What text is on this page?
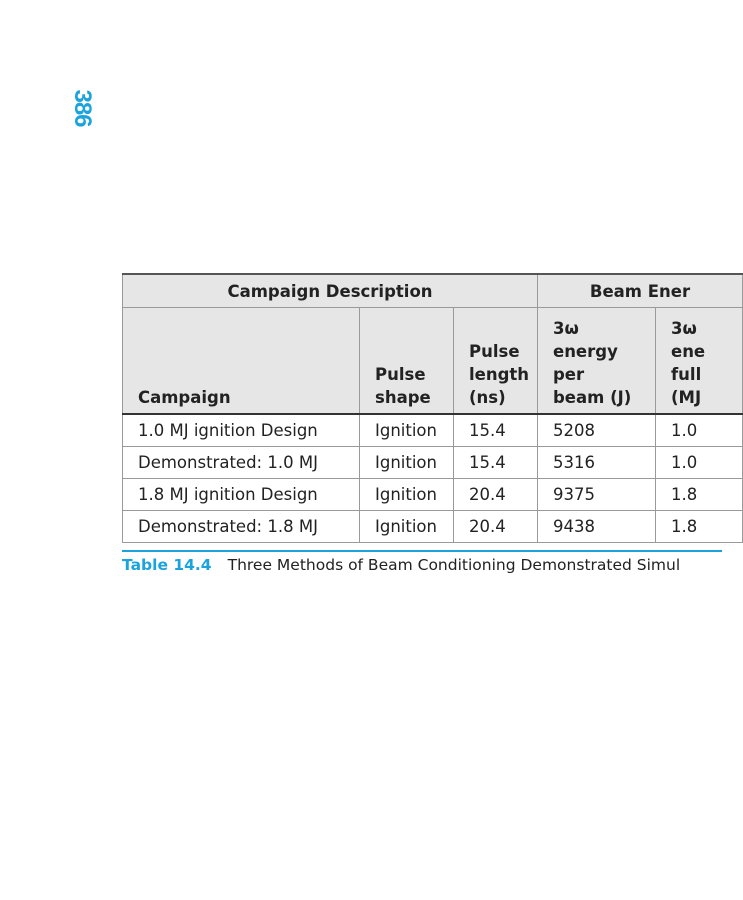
386
Campaign Description			Beam Ener	
Campaign	Pulse shape	Pulse length (ns)	3ω energy per beam (J)	3ω ene full (MJ
1.0 MJ ignition Design	Ignition	15.4	5208	1.0
Demonstrated: 1.0 MJ	Ignition	15.4	5316	1.0
1.8 MJ ignition Design	Ignition	20.4	9375	1.8
Demonstrated: 1.8 MJ	Ignition	20.4	9438	1.8
Table 14.4 Three Methods of Beam Conditioning Demonstrated Simul
